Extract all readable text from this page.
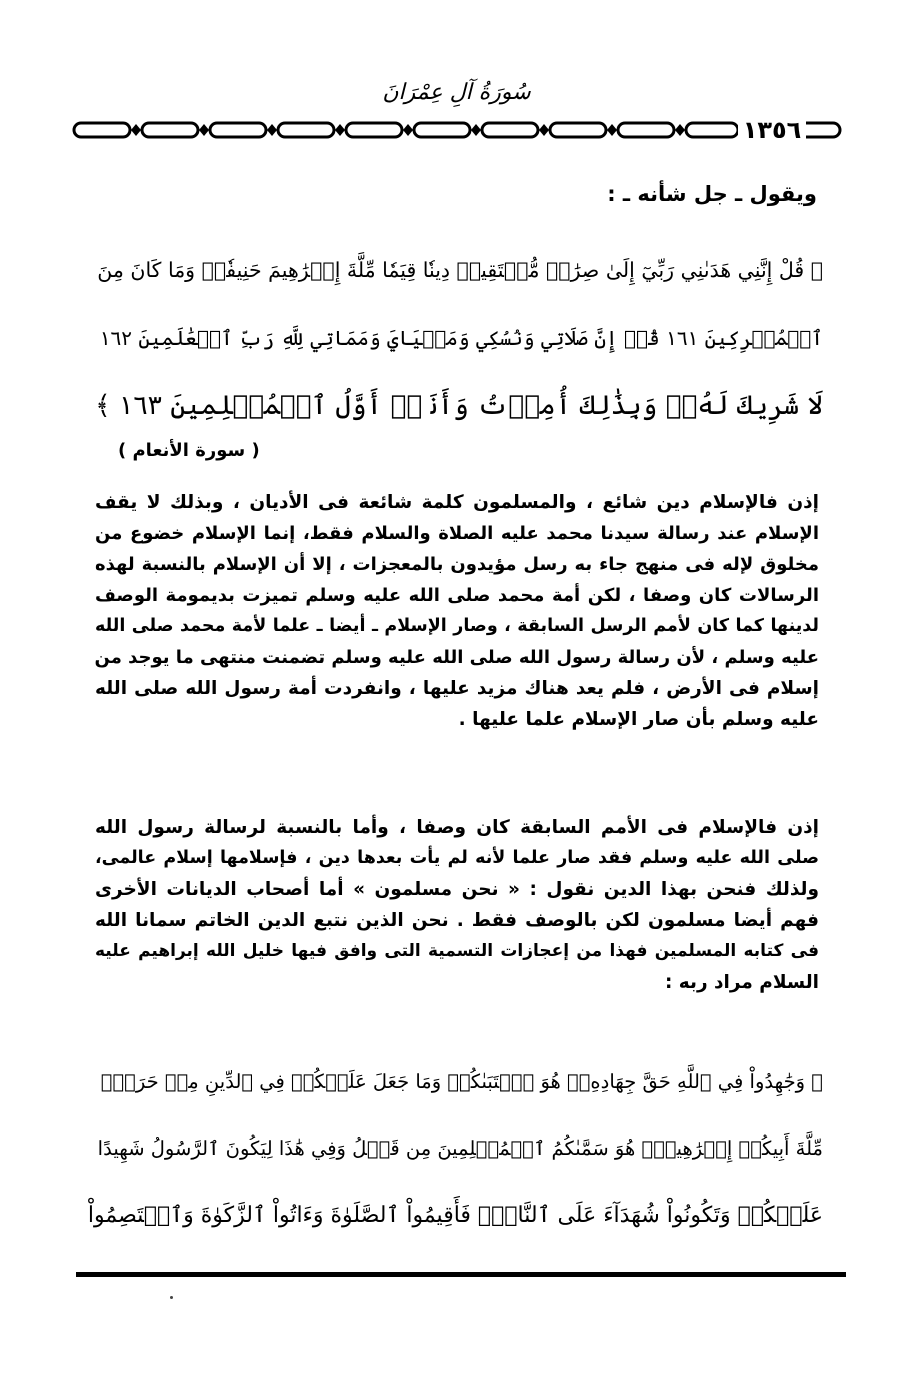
سُورَةُ آلِ عِمْرَانَ
١٣٥٦
ويقول ـ جل شأنه ـ :
﴿ قُلْ إِنَّنِي هَدَىٰنِي رَبِّيٓ إِلَىٰ صِرَٰطٖ مُّسۡتَقِيمٖ دِينٗا قِيَمٗا مِّلَّةَ إِبۡرَٰهِيمَ حَنِيفٗاۚ وَمَا كَانَ مِنَ
ٱلۡمُشۡرِكِينَ ١٦١ قُلۡ إِنَّ صَلَاتِي وَنُسُكِي وَمَحۡيَايَ وَمَمَاتِي لِلَّهِ رَبِّ ٱلۡعَٰلَمِينَ ١٦٢
لَا شَرِيكَ لَهُۥۖ وَبِذَٰلِكَ أُمِرۡتُ وَأَنَا۠ أَوَّلُ ٱلۡمُسۡلِمِينَ ١٦٣ ﴾
( سورة الأنعام )
إذن فالإسلام دين شائع ، والمسلمون كلمة شائعة فى الأديان ، وبذلك لا يقف
الإسلام عند رسالة سيدنا محمد عليه الصلاة والسلام فقط، إنما الإسلام خضوع من
مخلوق لإله فى منهج جاء به رسل مؤيدون بالمعجزات ، إلا أن الإسلام بالنسبة لهذه
الرسالات كان وصفا ، لكن أمة محمد صلى الله عليه وسلم تميزت بديمومة الوصف
لدينها كما كان لأمم الرسل السابقة ، وصار الإسلام ـ أيضا ـ علما لأمة محمد صلى الله
عليه وسلم ، لأن رسالة رسول الله صلى الله عليه وسلم تضمنت منتهى ما يوجد من
إسلام فى الأرض ، فلم يعد هناك مزيد عليها ، وانفردت أمة رسول الله صلى الله
عليه وسلم بأن صار الإسلام علما عليها .
إذن فالإسلام فى الأمم السابقة كان وصفا ، وأما بالنسبة لرسالة رسول الله
صلى الله عليه وسلم فقد صار علما لأنه لم يأت بعدها دين ، فإسلامها إسلام عالمى،
ولذلك فنحن بهذا الدين نقول : « نحن مسلمون » أما أصحاب الديانات الأخرى
فهم أيضا مسلمون لكن بالوصف فقط . نحن الذين نتبع الدين الخاتم سمانا الله
فى كتابه المسلمين فهذا من إعجازات التسمية التى وافق فيها خليل الله إبراهيم عليه
السلام مراد ربه :
﴿ وَجَٰهِدُواْ فِي ٱللَّهِ حَقَّ جِهَادِهِۦۚ هُوَ ٱجۡتَبَىٰكُمۡ وَمَا جَعَلَ عَلَيۡكُمۡ فِي ٱلدِّينِ مِنۡ حَرَجٖۚ
مِّلَّةَ أَبِيكُمۡ إِبۡرَٰهِيمَۚ هُوَ سَمَّىٰكُمُ ٱلۡمُسۡلِمِينَ مِن قَبۡلُ وَفِي هَٰذَا لِيَكُونَ ٱلرَّسُولُ شَهِيدًا
عَلَيۡكُمۡ وَتَكُونُواْ شُهَدَآءَ عَلَى ٱلنَّاسِۚ فَأَقِيمُواْ ٱلصَّلَوٰةَ وَءَاتُواْ ٱلزَّكَوٰةَ وَٱعۡتَصِمُواْ
